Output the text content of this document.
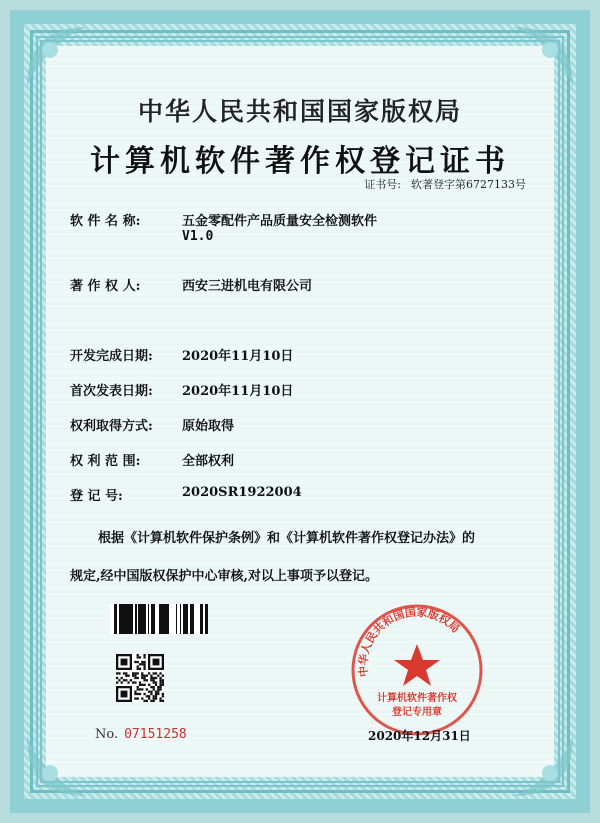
中华人民共和国国家版权局
计算机软件著作权登记证书
证书号: 软著登字第6727133号
软 件 名 称:	五金零配件产品质量安全检测软件
V1.0
著 作 权 人:	西安三进机电有限公司
开发完成日期:	2020年11月10日
首次发表日期:	2020年11月10日
权利取得方式:	原始取得
权 利 范 围:	全部权利
登 记 号:	2020SR1922004
根据《计算机软件保护条例》和《计算机软件著作权登记办法》的
规定,经中国版权保护中心审核,对以上事项予以登记。
No. 07151258
中华人民共和国国家版权局
计算机软件著作权
登记专用章
2020年12月31日
